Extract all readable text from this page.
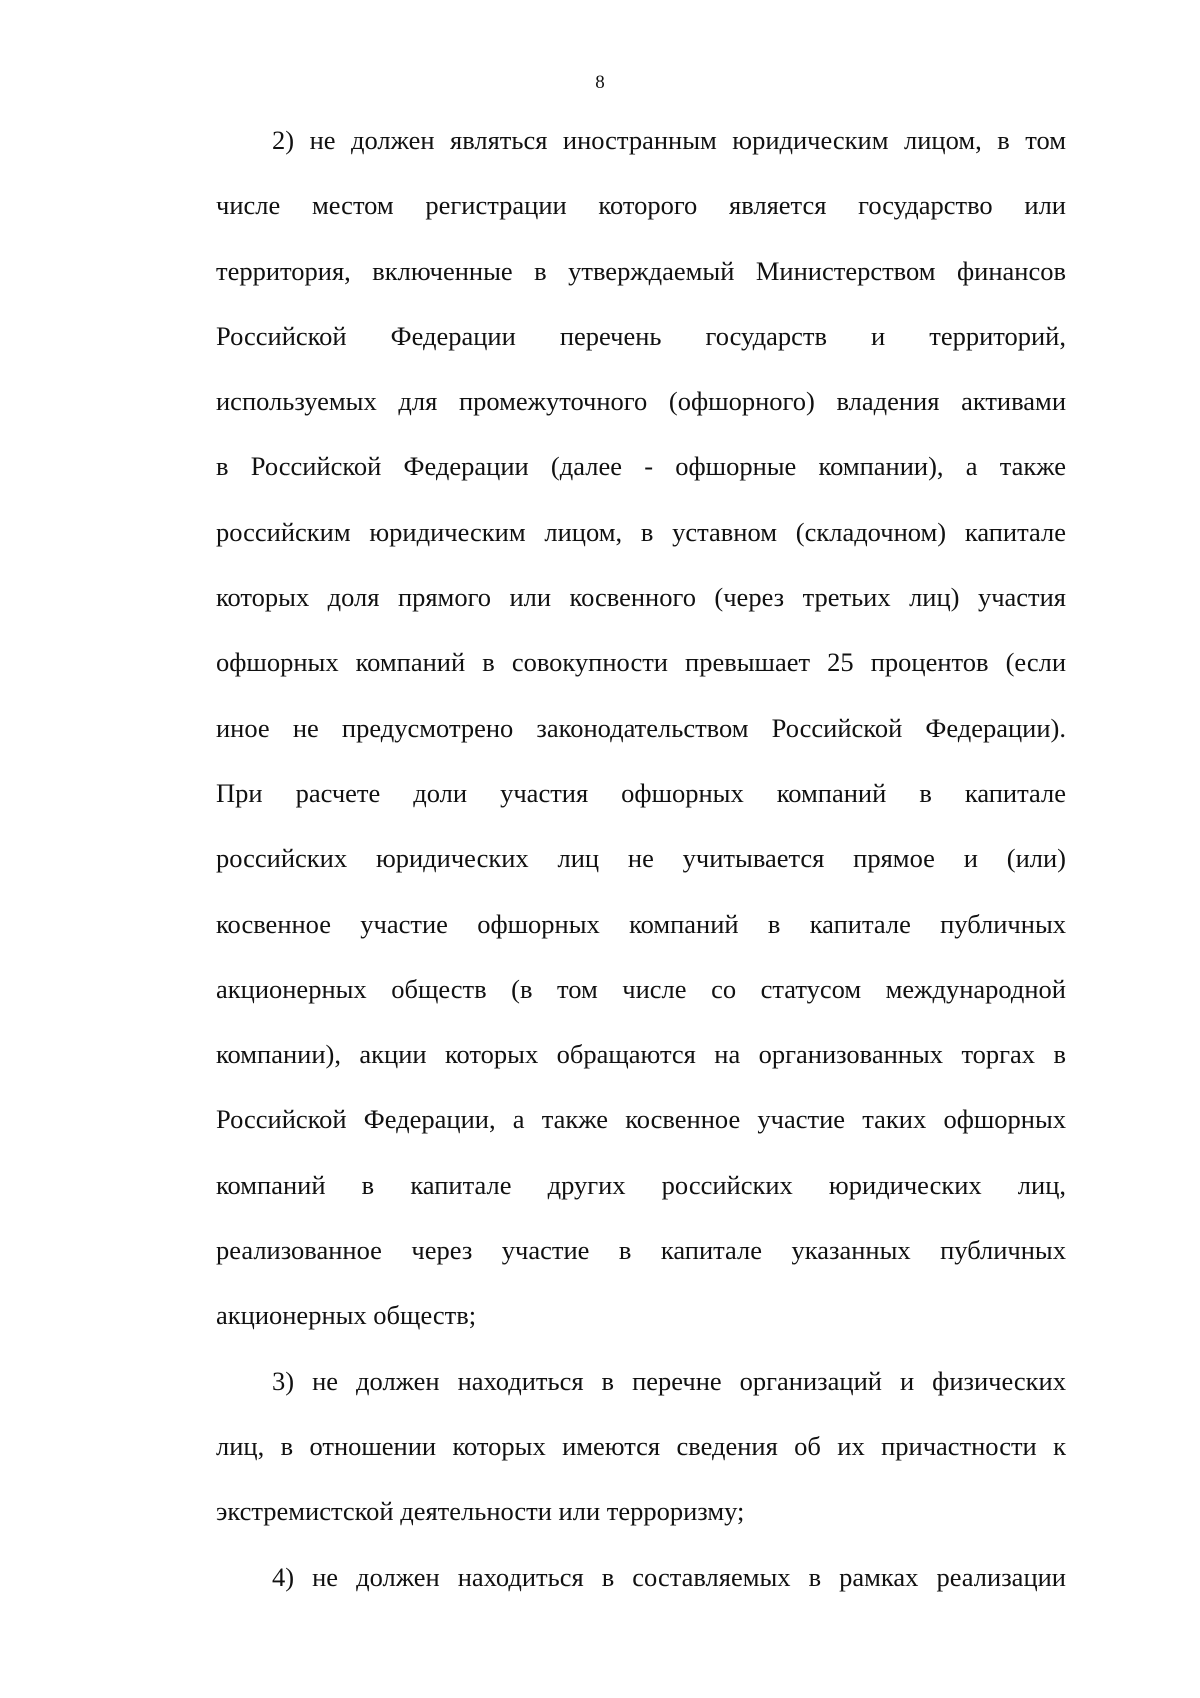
8
2) не должен являться иностранным юридическим лицом, в том
числе местом регистрации которого является государство или
территория, включенные в утверждаемый Министерством финансов
Российской Федерации перечень государств и территорий,
используемых для промежуточного (офшорного) владения активами
в Российской Федерации (далее - офшорные компании), а также
российским юридическим лицом, в уставном (складочном) капитале
которых доля прямого или косвенного (через третьих лиц) участия
офшорных компаний в совокупности превышает 25 процентов (если
иное не предусмотрено законодательством Российской Федерации).
При расчете доли участия офшорных компаний в капитале
российских юридических лиц не учитывается прямое и (или)
косвенное участие офшорных компаний в капитале публичных
акционерных обществ (в том числе со статусом международной
компании), акции которых обращаются на организованных торгах в
Российской Федерации, а также косвенное участие таких офшорных
компаний в капитале других российских юридических лиц,
реализованное через участие в капитале указанных публичных
акционерных обществ;
3) не должен находиться в перечне организаций и физических
лиц, в отношении которых имеются сведения об их причастности к
экстремистской деятельности или терроризму;
4) не должен находиться в составляемых в рамках реализации
